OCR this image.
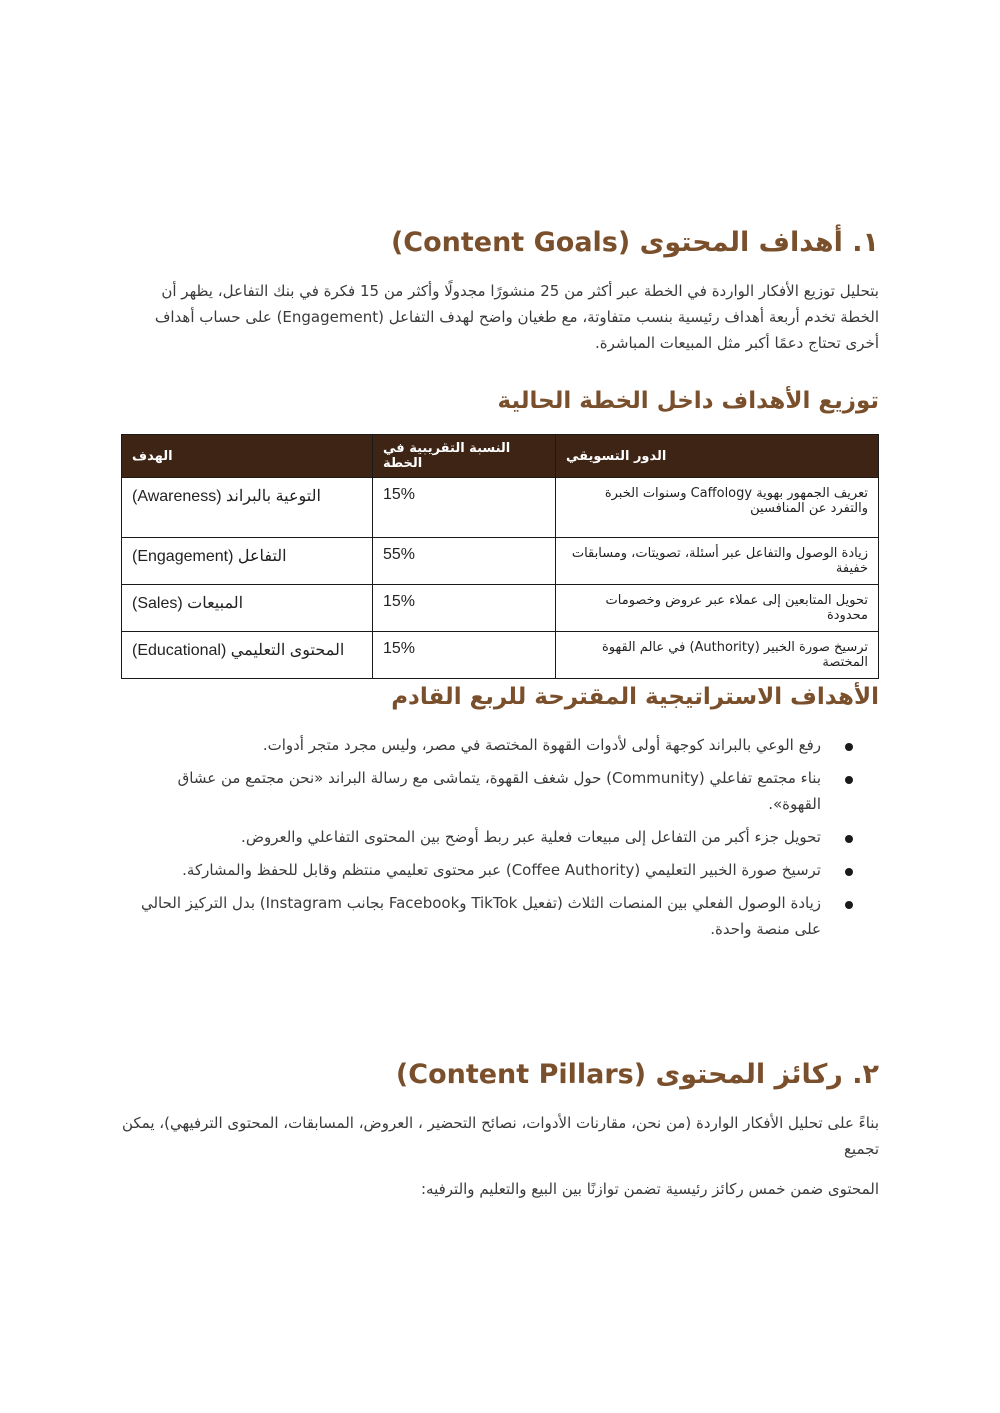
١. أهداف المحتوى (Content Goals)

بتحليل توزيع الأفكار الواردة في الخطة عبر أكثر من 25 منشورًا مجدولًا وأكثر من 15 فكرة في بنك التفاعل، يظهر أن الخطة تخدم أربعة أهداف رئيسية بنسب متفاوتة، مع طغيان واضح لهدف التفاعل (Engagement) على حساب أهداف أخرى تحتاج دعمًا أكبر مثل المبيعات المباشرة.

توزيع الأهداف داخل الخطة الحالية
الهدف	النسبة التقريبية في الخطة	الدور التسويقي
التوعية بالبراند (Awareness)	15%	تعريف الجمهور بهوية Caffology وسنوات الخبرة والتفرد عن المنافسين
التفاعل (Engagement)	55%	زيادة الوصول والتفاعل عبر أسئلة، تصويتات، ومسابقات خفيفة
المبيعات (Sales)	15%	تحويل المتابعين إلى عملاء عبر عروض وخصومات محدودة
المحتوى التعليمي (Educational)	15%	ترسيخ صورة الخبير (Authority) في عالم القهوة المختصة
الأهداف الاستراتيجية المقترحة للربع القادم
رفع الوعي بالبراند كوجهة أولى لأدوات القهوة المختصة في مصر، وليس مجرد متجر أدوات.
بناء مجتمع تفاعلي (Community) حول شغف القهوة، يتماشى مع رسالة البراند «نحن مجتمع من عشاق القهوة».
تحويل جزء أكبر من التفاعل إلى مبيعات فعلية عبر ربط أوضح بين المحتوى التفاعلي والعروض.
ترسيخ صورة الخبير التعليمي (Coffee Authority) عبر محتوى تعليمي منتظم وقابل للحفظ والمشاركة.
زيادة الوصول الفعلي بين المنصات الثلاث (تفعيل TikTok وFacebook بجانب Instagram) بدل التركيز الحالي على منصة واحدة.
٢. ركائز المحتوى (Content Pillars)

بناءً على تحليل الأفكار الواردة (من نحن، مقارنات الأدوات، نصائح التحضير ، العروض، المسابقات، المحتوى الترفيهي)، يمكن تجميع

المحتوى ضمن خمس ركائز رئيسية تضمن توازنًا بين البيع والتعليم والترفيه:
